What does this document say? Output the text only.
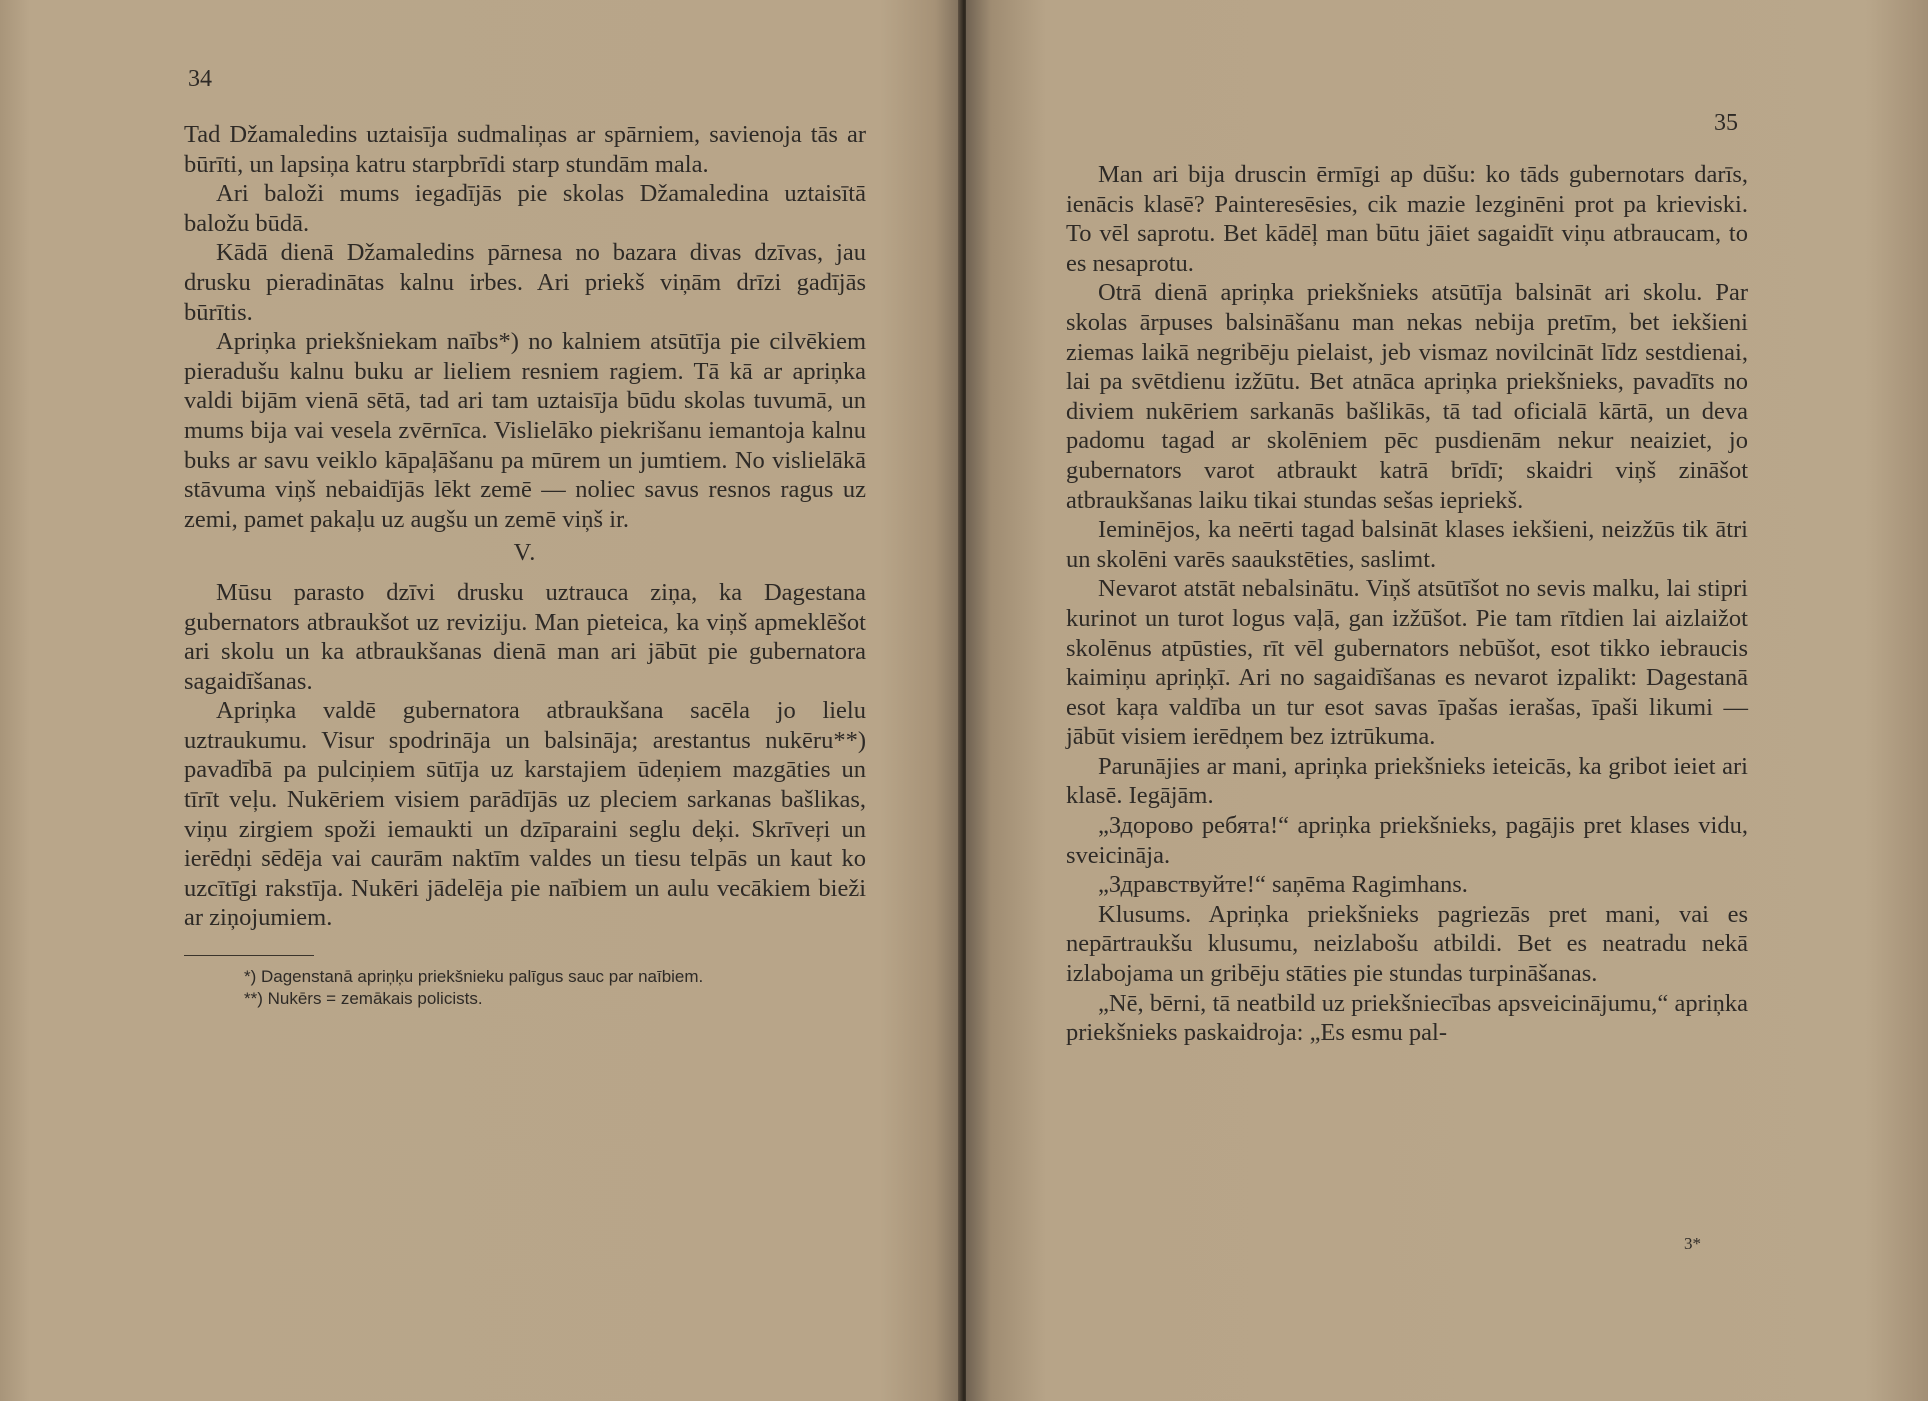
34

Tad Džamaledins uztaisīja sudmaliņas ar spārniem, savienoja tās ar būrīti, un lapsiņa katru starpbrīdi starp stundām mala.

Ari baloži mums iegadījās pie skolas Džamaledina uztaisītā baložu būdā.

Kādā dienā Džamaledins pārnesa no bazara divas dzīvas, jau drusku pieradinātas kalnu irbes. Ari priekš viņām drīzi gadījās būrītis.

Apriņka priekšniekam naībs*) no kalniem atsūtīja pie cilvēkiem pieradušu kalnu buku ar lieliem resniem ragiem. Tā kā ar apriņka valdi bijām vienā sētā, tad ari tam uztaisīja būdu skolas tuvumā, un mums bija vai vesela zvērnīca. Vislielāko piekrišanu iemantoja kalnu buks ar savu veiklo kāpaļāšanu pa mūrem un jumtiem. No vislielākā stāvuma viņš nebaidījās lēkt zemē — noliec savus resnos ragus uz zemi, pamet pakaļu uz augšu un zemē viņš ir.

V.

Mūsu parasto dzīvi drusku uztrauca ziņa, ka Dagestana gubernators atbraukšot uz reviziju. Man pieteica, ka viņš apmeklēšot ari skolu un ka atbraukšanas dienā man ari jābūt pie gubernatora sagaidīšanas.

Apriņka valdē gubernatora atbraukšana sacēla jo lielu uztraukumu. Visur spodrināja un balsināja; arestantus nukēru**) pavadībā pa pulciņiem sūtīja uz karstajiem ūdeņiem mazgāties un tīrīt veļu. Nukēriem visiem parādījās uz pleciem sarkanas bašlikas, viņu zirgiem spoži iemaukti un dzīparaini seglu deķi. Skrīveŗi un ierēdņi sēdēja vai caurām naktīm valdes un tiesu telpās un kaut ko uzcītīgi rakstīja. Nukēri jādelēja pie naībiem un aulu vecākiem bieži ar ziņojumiem.

*) Dagenstanā apriņķu priekšnieku palīgus sauc par naībiem.
**) Nukērs = zemākais policists.
35

Man ari bija druscin ērmīgi ap dūšu: ko tāds gubernotars darīs, ienācis klasē? Painteresēsies, cik mazie lezginēni prot pa krieviski. To vēl saprotu. Bet kādēļ man būtu jāiet sagaidīt viņu atbraucam, to es nesaprotu.

Otrā dienā apriņka priekšnieks atsūtīja balsināt ari skolu. Par skolas ārpuses balsināšanu man nekas nebija pretīm, bet iekšieni ziemas laikā negribēju pielaist, jeb vismaz novilcināt līdz sestdienai, lai pa svētdienu izžūtu. Bet atnāca apriņka priekšnieks, pavadīts no diviem nukēriem sarkanās bašlikās, tā tad oficialā kārtā, un deva padomu tagad ar skolēniem pēc pusdienām nekur neaiziet, jo gubernators varot atbraukt katrā brīdī; skaidri viņš zināšot atbraukšanas laiku tikai stundas sešas iepriekš.

Ieminējos, ka neērti tagad balsināt klases iekšieni, neizžūs tik ātri un skolēni varēs saaukstēties, saslimt.

Nevarot atstāt nebalsinātu. Viņš atsūtīšot no sevis malku, lai stipri kurinot un turot logus vaļā, gan izžūšot. Pie tam rītdien lai aizlaižot skolēnus atpūsties, rīt vēl gubernators nebūšot, esot tikko iebraucis kaimiņu apriņķī. Ari no sagaidīšanas es nevarot izpalikt: Dagestanā esot kaŗa valdība un tur esot savas īpašas ierašas, īpaši likumi — jābūt visiem ierēdņem bez iztrūkuma.

Parunājies ar mani, apriņka priekšnieks ieteicās, ka gribot ieiet ari klasē. Iegājām.

„Здорово ребята!“ apriņka priekšnieks, pagājis pret klases vidu, sveicināja.

„Здравствуйте!“ saņēma Ragimhans.

Klusums. Apriņka priekšnieks pagriezās pret mani, vai es nepārtraukšu klusumu, neizlabošu atbildi. Bet es neatradu nekā izlabojama un gribēju stāties pie stundas turpināšanas.

„Nē, bērni, tā neatbild uz priekšniecības apsveicinājumu,“ apriņka priekšnieks paskaidroja: „Es esmu pal-

3*
